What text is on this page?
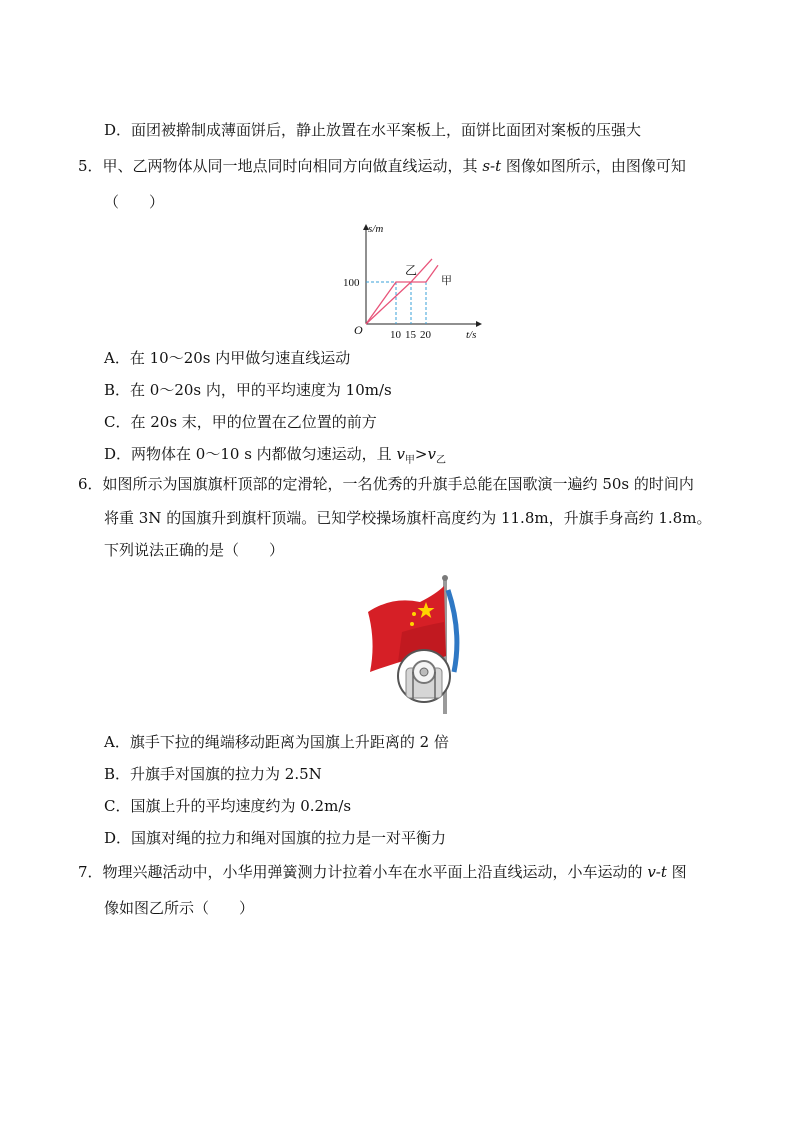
D．面团被擀制成薄面饼后，静止放置在水平案板上，面饼比面团对案板的压强大
5．甲、乙两物体从同一地点同时向相同方向做直线运动，其 s-t 图像如图所示，由图像可知
（　　）
乙
甲
100
10 15 20
O
s/m
t/s
A．在 10～20s 内甲做匀速直线运动
B．在 0～20s 内，甲的平均速度为 10m/s
C．在 20s 末，甲的位置在乙位置的前方
D．两物体在 0～10 s 内都做匀速运动，且 $v_甲>v_乙$
6．如图所示为国旗旗杆顶部的定滑轮，一名优秀的升旗手总能在国歌演一遍约 50s 的时间内
将重 3N 的国旗升到旗杆顶端。已知学校操场旗杆高度约为 11.8m，升旗手身高约 1.8m。
下列说法正确的是（　　）
A．旗手下拉的绳端移动距离为国旗上升距离的 2 倍
B．升旗手对国旗的拉力为 2.5N
C．国旗上升的平均速度约为 0.2m/s
D．国旗对绳的拉力和绳对国旗的拉力是一对平衡力
7．物理兴趣活动中，小华用弹簧测力计拉着小车在水平面上沿直线运动，小车运动的 v-t 图
像如图乙所示（　　）
